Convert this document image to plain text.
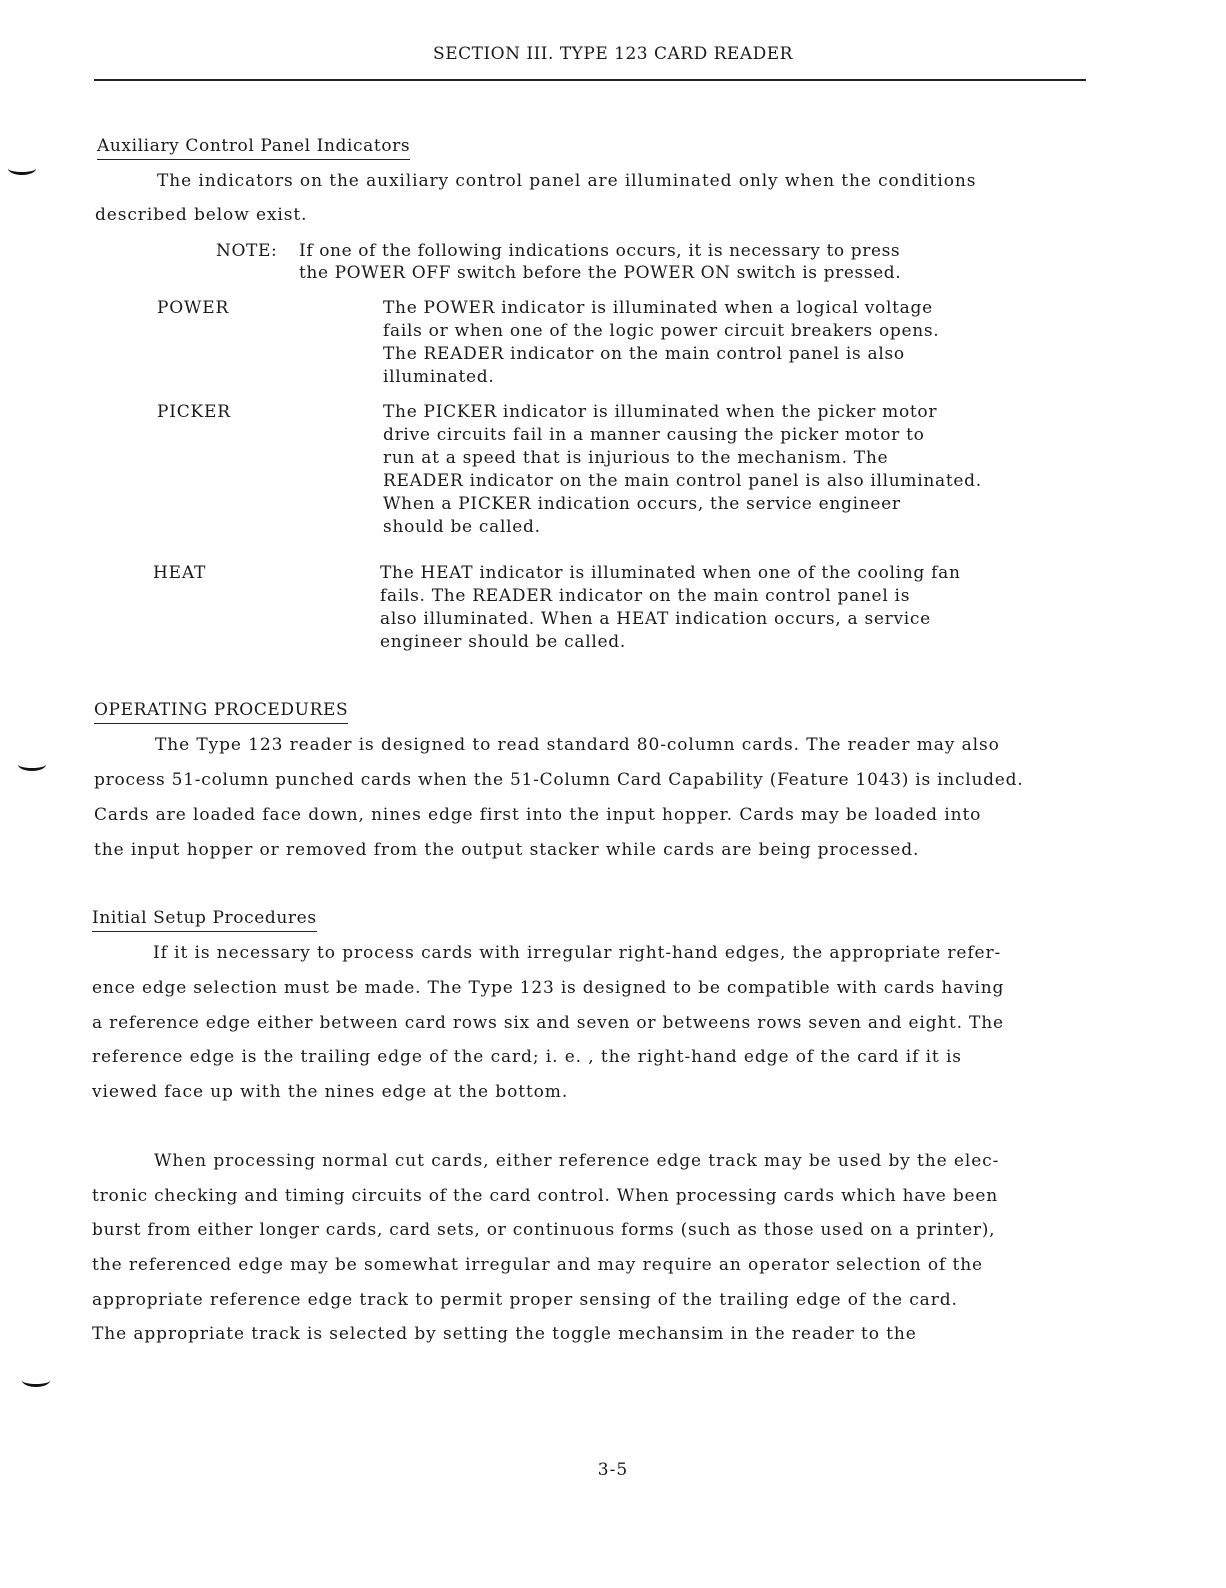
SECTION III. TYPE 123 CARD READER
Auxiliary Control Panel Indicators
The indicators on the auxiliary control panel are illuminated only when the conditions
described below exist.
NOTE: If one of the following indications occurs, it is necessary to press
the POWER OFF switch before the POWER ON switch is pressed.
POWER	The POWER indicator is illuminated when a logical voltage
fails or when one of the logic power circuit breakers opens.
The READER indicator on the main control panel is also
illuminated.
PICKER	The PICKER indicator is illuminated when the picker motor
drive circuits fail in a manner causing the picker motor to
run at a speed that is injurious to the mechanism. The
READER indicator on the main control panel is also illuminated.
When a PICKER indication occurs, the service engineer
should be called.
HEAT	The HEAT indicator is illuminated when one of the cooling fan
fails. The READER indicator on the main control panel is
also illuminated. When a HEAT indication occurs, a service
engineer should be called.
OPERATING PROCEDURES
The Type 123 reader is designed to read standard 80-column cards. The reader may also
process 51-column punched cards when the 51-Column Card Capability (Feature 1043) is included.
Cards are loaded face down, nines edge first into the input hopper. Cards may be loaded into
the input hopper or removed from the output stacker while cards are being processed.
Initial Setup Procedures
If it is necessary to process cards with irregular right-hand edges, the appropriate refer-
ence edge selection must be made. The Type 123 is designed to be compatible with cards having
a reference edge either between card rows six and seven or betweens rows seven and eight. The
reference edge is the trailing edge of the card; i. e. , the right-hand edge of the card if it is
viewed face up with the nines edge at the bottom.
When processing normal cut cards, either reference edge track may be used by the elec-
tronic checking and timing circuits of the card control. When processing cards which have been
burst from either longer cards, card sets, or continuous forms (such as those used on a printer),
the referenced edge may be somewhat irregular and may require an operator selection of the
appropriate reference edge track to permit proper sensing of the trailing edge of the card.
The appropriate track is selected by setting the toggle mechansim in the reader to the
3-5
